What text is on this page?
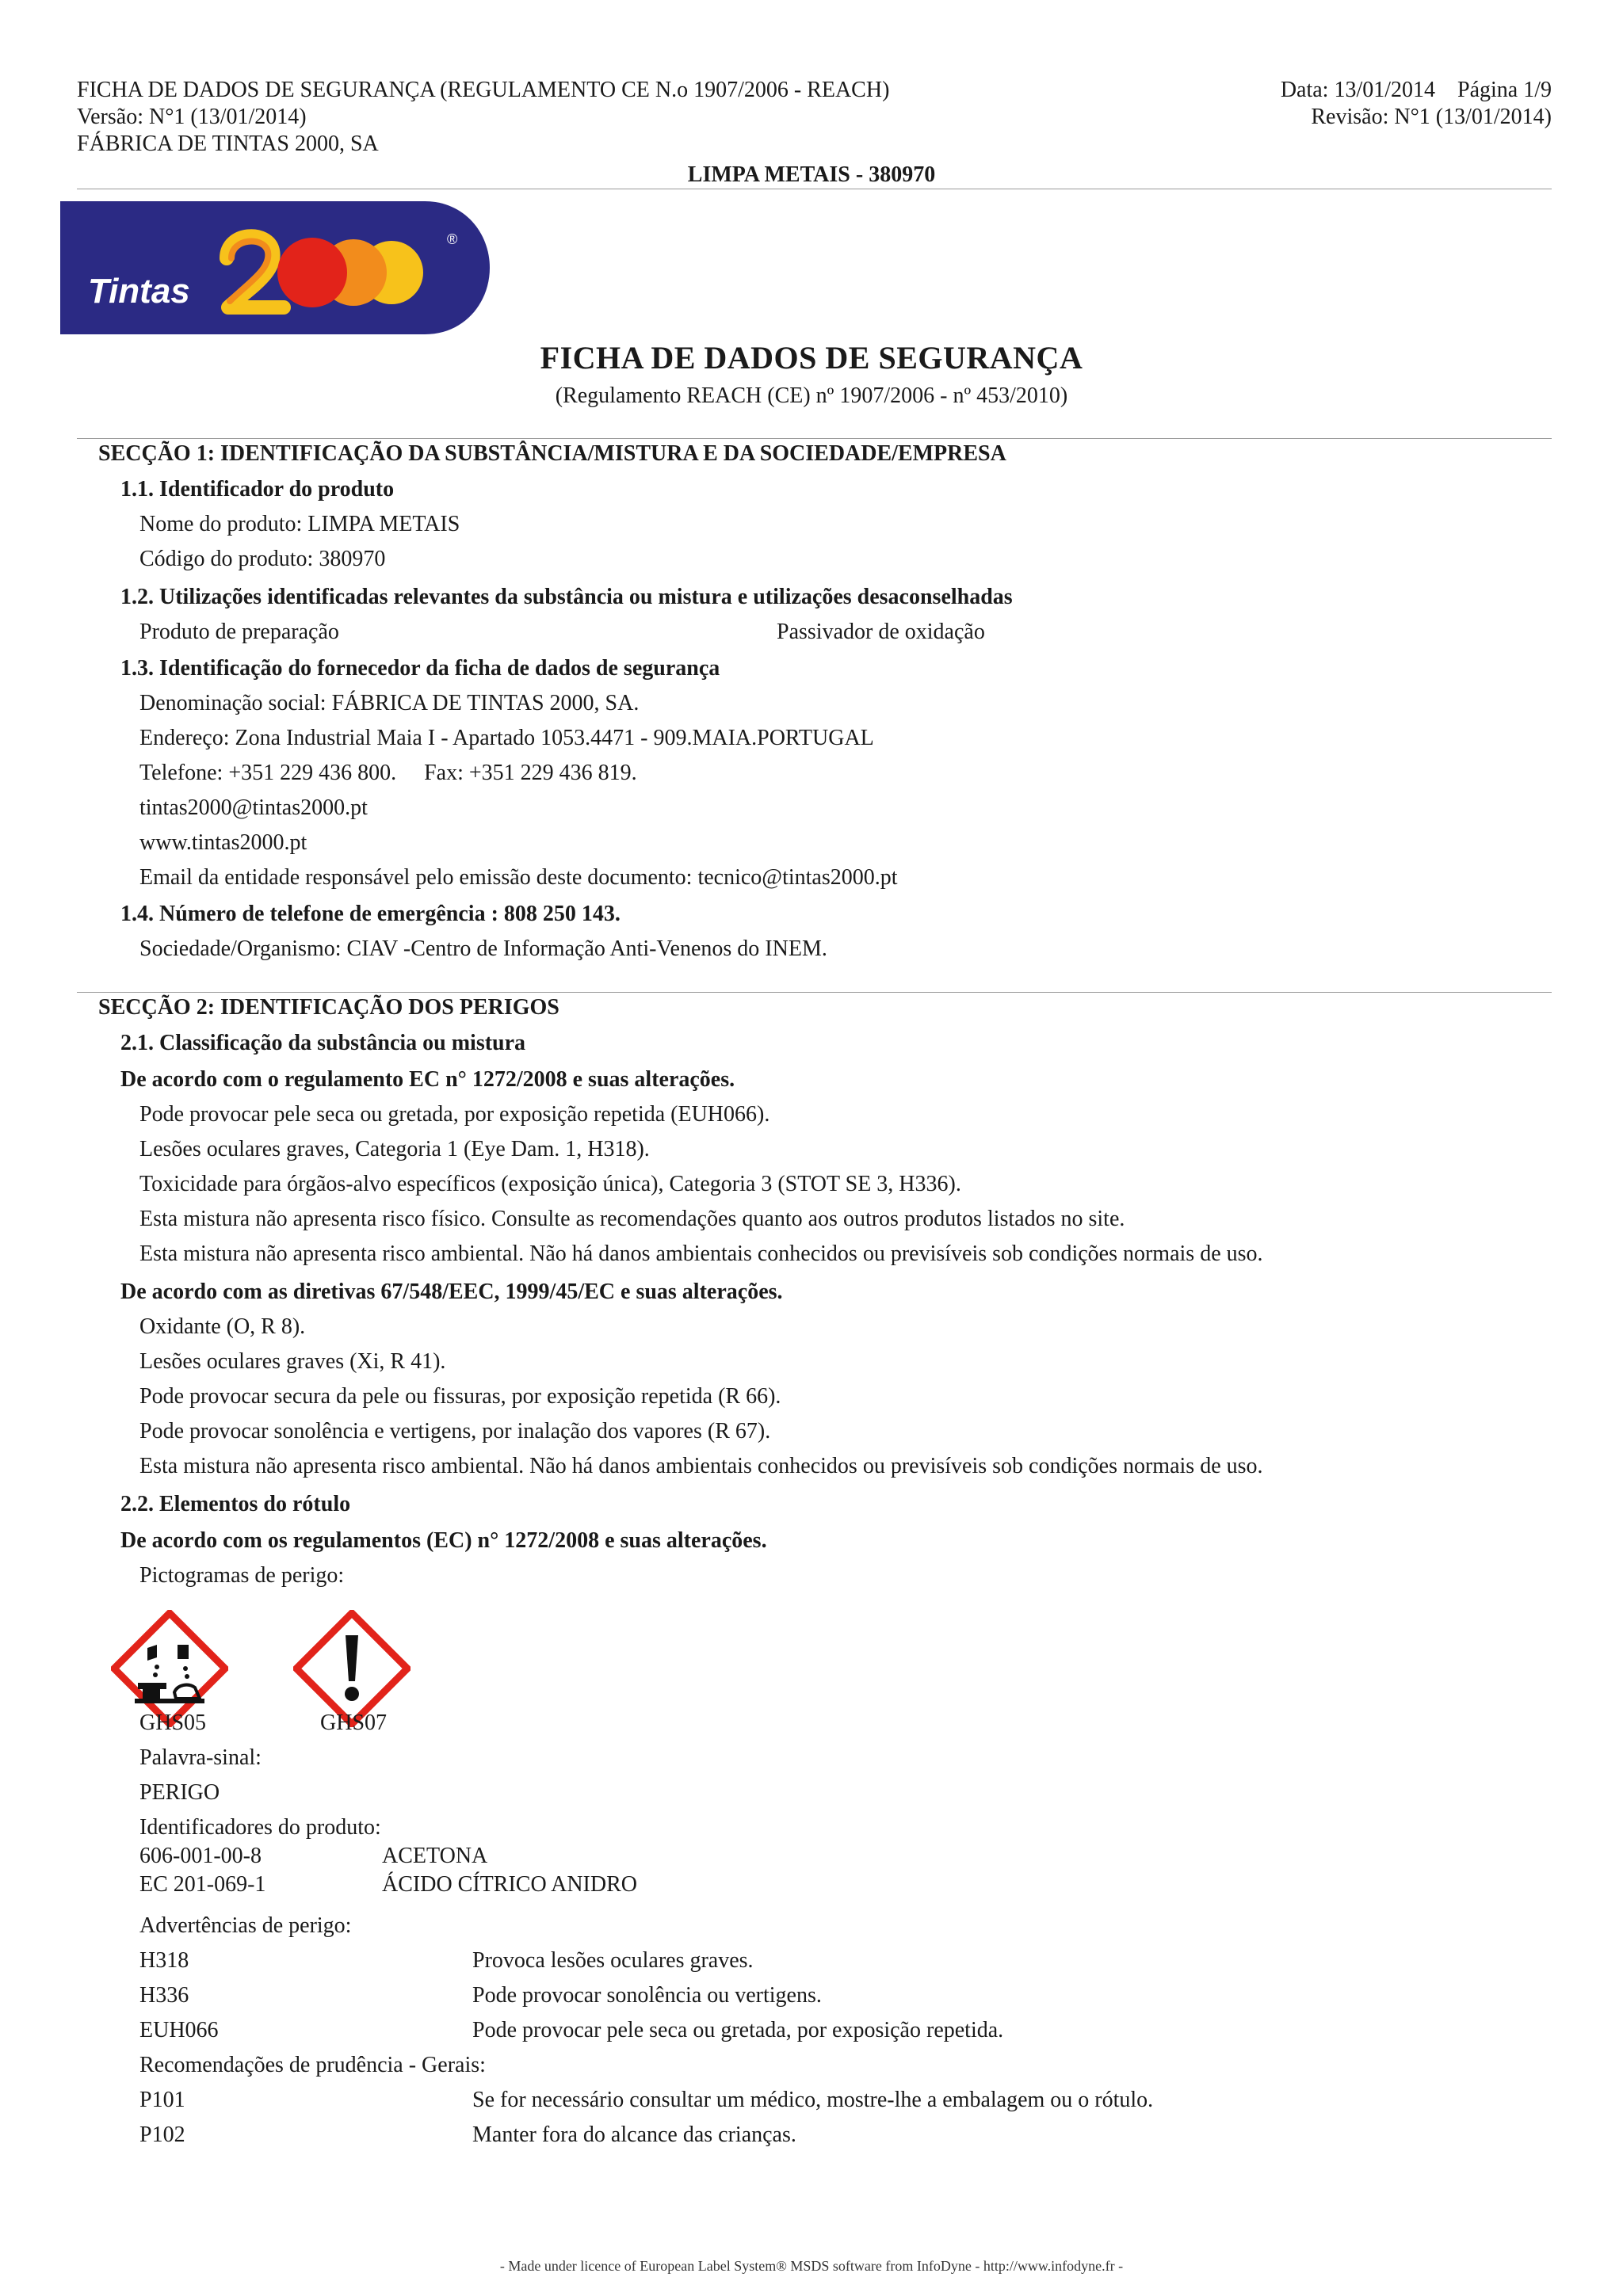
FICHA DE DADOS DE SEGURANÇA (REGULAMENTO CE N.o 1907/2006 - REACH)
Versão: N°1 (13/01/2014)
FÁBRICA DE TINTAS 2000, SA
Data: 13/01/2014    Página 1/9
Revisão: N°1 (13/01/2014)
LIMPA METAIS - 380970
Tintas
®
FICHA DE DADOS DE SEGURANÇA
(Regulamento REACH (CE) nº 1907/2006 - nº 453/2010)
SECÇÃO 1: IDENTIFICAÇÃO DA SUBSTÂNCIA/MISTURA E DA SOCIEDADE/EMPRESA
1.1. Identificador do produto
Nome do produto: LIMPA METAIS
Código do produto: 380970
1.2. Utilizações identificadas relevantes da substância ou mistura e utilizações desaconselhadas
Produto de preparação	Passivador de oxidação
1.3. Identificação do fornecedor da ficha de dados de segurança
Denominação social: FÁBRICA DE TINTAS 2000, SA.
Endereço: Zona Industrial Maia I - Apartado 1053.4471 - 909.MAIA.PORTUGAL
Telefone: +351 229 436 800.     Fax: +351 229 436 819.
tintas2000@tintas2000.pt
www.tintas2000.pt
Email da entidade responsável pelo emissão deste documento: tecnico@tintas2000.pt
1.4. Número de telefone de emergência : 808 250 143.
Sociedade/Organismo: CIAV -Centro de Informação Anti-Venenos do INEM.
SECÇÃO 2: IDENTIFICAÇÃO DOS PERIGOS
2.1. Classificação da substância ou mistura
De acordo com o regulamento EC n° 1272/2008 e suas alterações.
Pode provocar pele seca ou gretada, por exposição repetida (EUH066).
Lesões oculares graves, Categoria 1 (Eye Dam. 1, H318).
Toxicidade para órgãos-alvo específicos (exposição única), Categoria 3 (STOT SE 3, H336).
Esta mistura não apresenta risco físico. Consulte as recomendações quanto aos outros produtos listados no site.
Esta mistura não apresenta risco ambiental. Não há danos ambientais conhecidos ou previsíveis sob condições normais de uso.
De acordo com as diretivas 67/548/EEC, 1999/45/EC e suas alterações.
Oxidante (O, R 8).
Lesões oculares graves (Xi, R 41).
Pode provocar secura da pele ou fissuras, por exposição repetida (R 66).
Pode provocar sonolência e vertigens, por inalação dos vapores (R 67).
Esta mistura não apresenta risco ambiental. Não há danos ambientais conhecidos ou previsíveis sob condições normais de uso.
2.2. Elementos do rótulo
De acordo com os regulamentos (EC) n° 1272/2008 e suas alterações.
Pictogramas de perigo:
GHS05	GHS07
Palavra-sinal:
PERIGO
Identificadores do produto:
606-001-00-8	ACETONA
EC 201-069-1	ÁCIDO CÍTRICO ANIDRO
Advertências de perigo:
H318	Provoca lesões oculares graves.
H336	Pode provocar sonolência ou vertigens.
EUH066	Pode provocar pele seca ou gretada, por exposição repetida.
Recomendações de prudência - Gerais:
P101	Se for necessário consultar um médico, mostre-lhe a embalagem ou o rótulo.
P102	Manter fora do alcance das crianças.
- Made under licence of European Label System® MSDS software from InfoDyne - http://www.infodyne.fr -
